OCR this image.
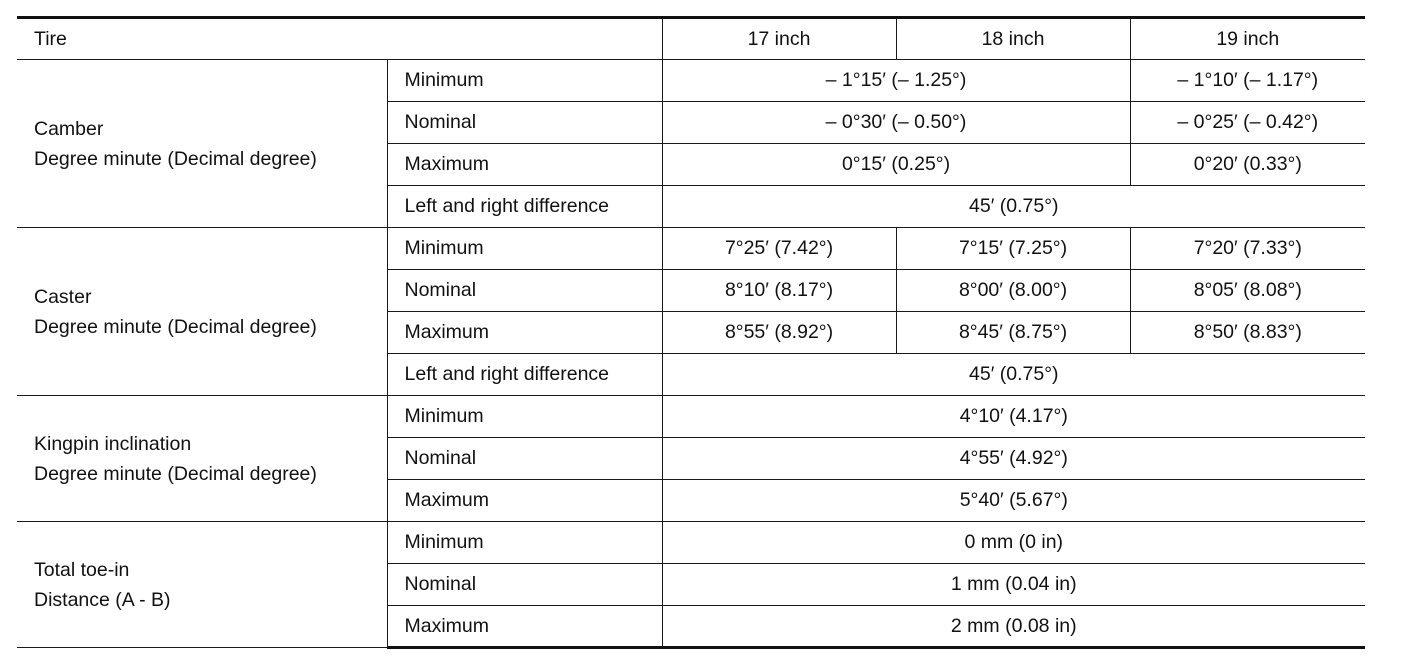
Tire		17 inch	18 inch	19 inch

Camber
Degree minute (Decimal degree)	Minimum	– 1°15′ (– 1.25°)		– 1°10′ (– 1.17°)
	Nominal	– 0°30′ (– 0.50°)		– 0°25′ (– 0.42°)
	Maximum	0°15′ (0.25°)		0°20′ (0.33°)
	Left and right difference	45′ (0.75°)		

Caster
Degree minute (Decimal degree)	Minimum	7°25′ (7.42°)	7°15′ (7.25°)	7°20′ (7.33°)
	Nominal	8°10′ (8.17°)	8°00′ (8.00°)	8°05′ (8.08°)
	Maximum	8°55′ (8.92°)	8°45′ (8.75°)	8°50′ (8.83°)
	Left and right difference	45′ (0.75°)		

Kingpin inclination
Degree minute (Decimal degree)	Minimum	4°10′ (4.17°)		
	Nominal	4°55′ (4.92°)		
	Maximum	5°40′ (5.67°)		

Total toe-in
Distance (A - B)	Minimum	0 mm (0 in)		
	Nominal	1 mm (0.04 in)		
	Maximum	2 mm (0.08 in)		
